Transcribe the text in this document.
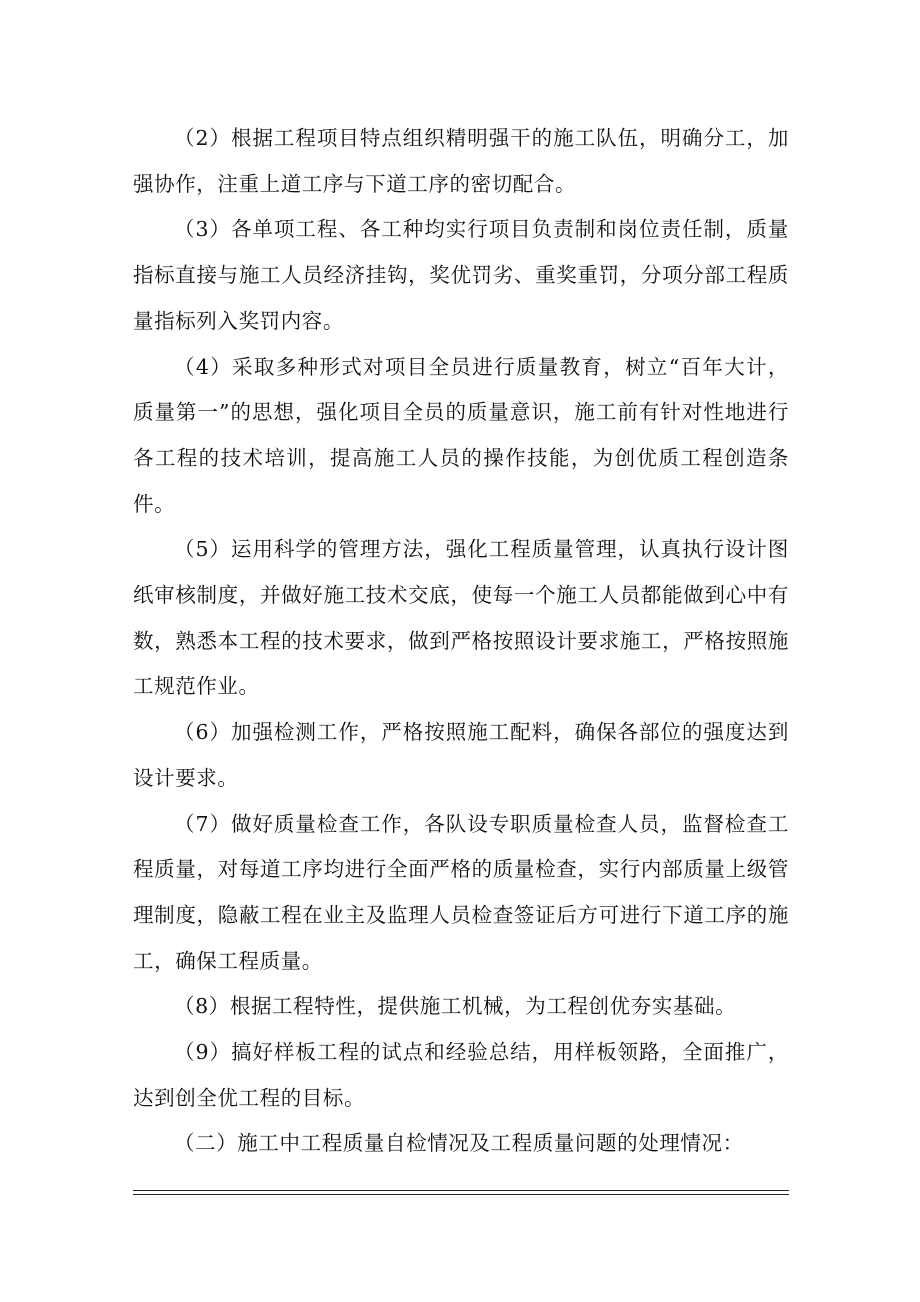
（2）根据工程项目特点组织精明强干的施工队伍，明确分工，加强协作，注重上道工序与下道工序的密切配合。

（3）各单项工程、各工种均实行项目负责制和岗位责任制，质量指标直接与施工人员经济挂钩，奖优罚劣、重奖重罚，分项分部工程质量指标列入奖罚内容。

（4）采取多种形式对项目全员进行质量教育，树立“百年大计，质量第一”的思想，强化项目全员的质量意识，施工前有针对性地进行各工程的技术培训，提高施工人员的操作技能，为创优质工程创造条件。

（5）运用科学的管理方法，强化工程质量管理，认真执行设计图纸审核制度，并做好施工技术交底，使每一个施工人员都能做到心中有数，熟悉本工程的技术要求，做到严格按照设计要求施工，严格按照施工规范作业。

（6）加强检测工作，严格按照施工配料，确保各部位的强度达到设计要求。

（7）做好质量检查工作，各队设专职质量检查人员，监督检查工程质量，对每道工序均进行全面严格的质量检查，实行内部质量上级管理制度，隐蔽工程在业主及监理人员检查签证后方可进行下道工序的施工，确保工程质量。

（8）根据工程特性，提供施工机械，为工程创优夯实基础。

（9）搞好样板工程的试点和经验总结，用样板领路，全面推广，达到创全优工程的目标。

（二）施工中工程质量自检情况及工程质量问题的处理情况：
